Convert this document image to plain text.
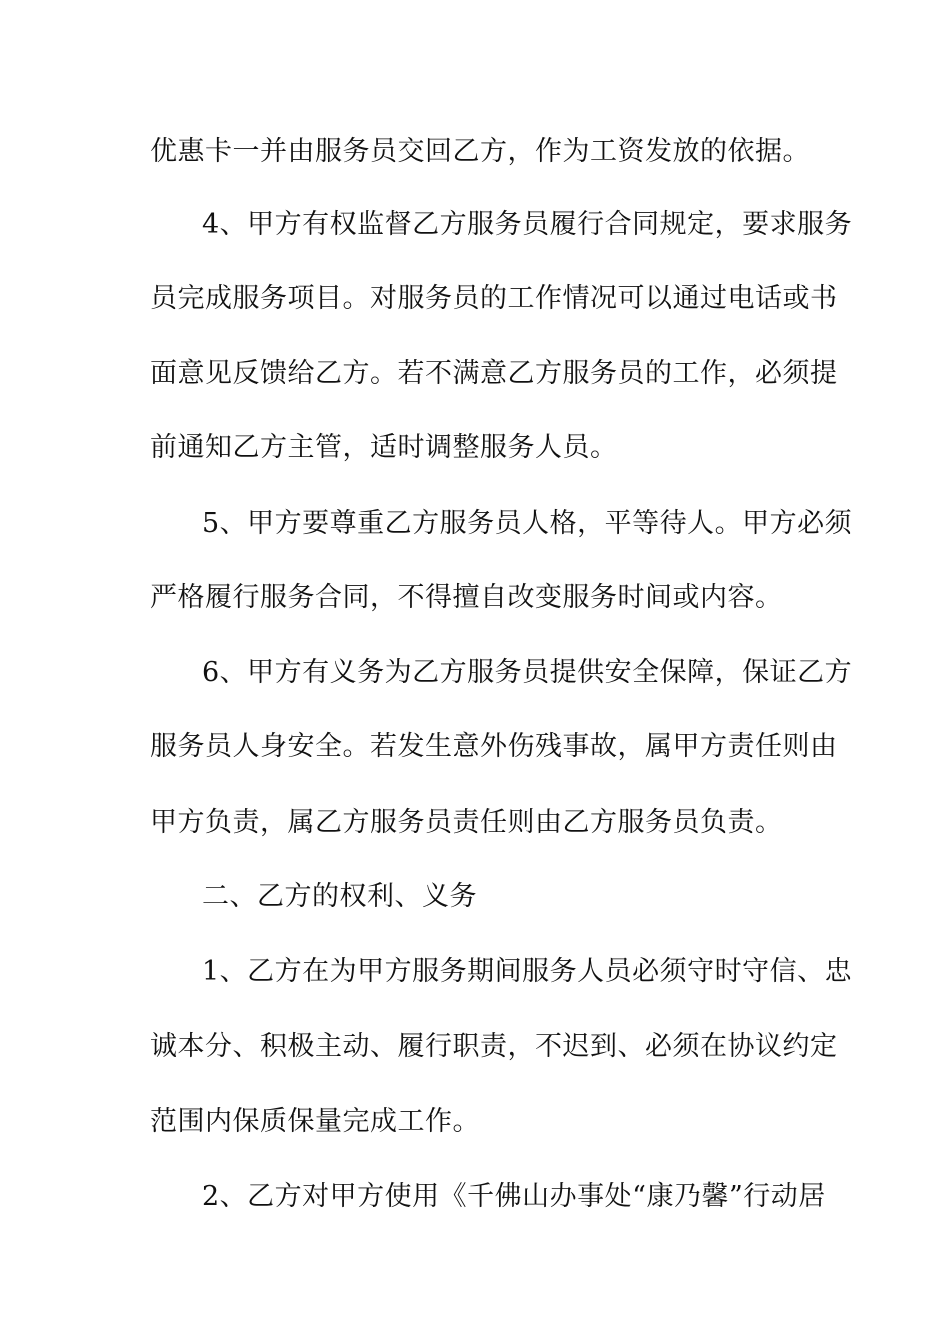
优惠卡一并由服务员交回乙方，作为工资发放的依据。
4、甲方有权监督乙方服务员履行合同规定，要求服务
员完成服务项目。对服务员的工作情况可以通过电话或书
面意见反馈给乙方。若不满意乙方服务员的工作，必须提
前通知乙方主管，适时调整服务人员。
5、甲方要尊重乙方服务员人格，平等待人。甲方必须
严格履行服务合同，不得擅自改变服务时间或内容。
6、甲方有义务为乙方服务员提供安全保障，保证乙方
服务员人身安全。若发生意外伤残事故，属甲方责任则由
甲方负责，属乙方服务员责任则由乙方服务员负责。
二、乙方的权利、义务
1、乙方在为甲方服务期间服务人员必须守时守信、忠
诚本分、积极主动、履行职责，不迟到、必须在协议约定
范围内保质保量完成工作。
2、乙方对甲方使用《千佛山办事处“康乃馨”行动居
